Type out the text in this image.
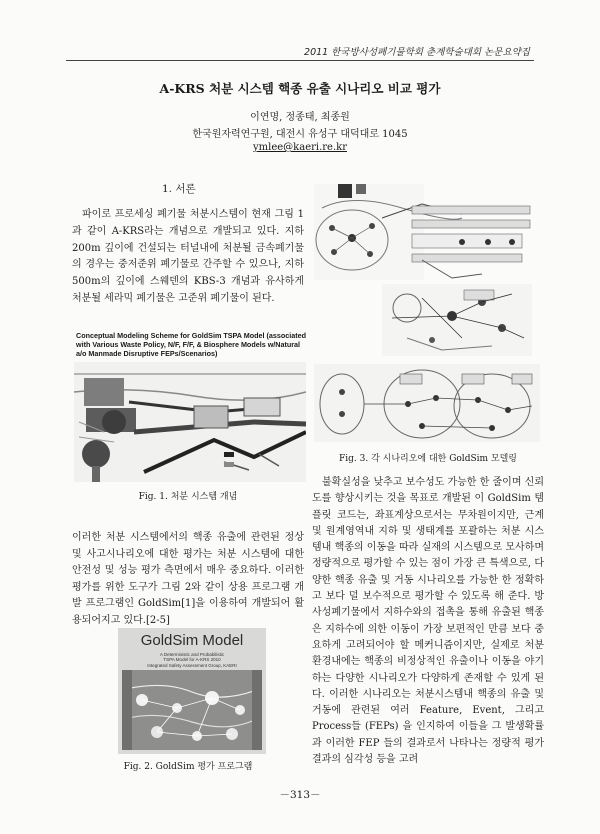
2011 한국방사성폐기물학회 춘계학술대회 논문요약집
A-KRS 처분 시스템 핵종 유출 시나리오 비교 평가
이연명, 정종태, 최종원
한국원자력연구원, 대전시 유성구 대덕대로 1045
ymlee@kaeri.re.kr
1. 서론

파이로 프로세싱 폐기물 처분시스템이 현재 그림 1과 같이 A-KRS라는 개념으로 개발되고 있다. 지하 200m 깊이에 건설되는 터널내에 처분될 금속폐기물의 경우는 중저준위 폐기물로 간주할 수 있으나, 지하 500m의 깊이에 스웨덴의 KBS-3 개념과 유사하게 처분될 세라믹 폐기물은 고준위 폐기물이 된다.

Conceptual Modeling Scheme for GoldSim TSPA Model (associated with Various Waste Policy, N/F, F/F, & Biosphere Models w/Natural a/o Manmade Disruptive FEPs/Scenarios)
Fig. 1. 처분 시스템 개념

이러한 처분 시스템에서의 핵종 유출에 관련된 정상 및 사고시나리오에 대한 평가는 처분 시스템에 대한 안전성 및 성능 평가 측면에서 매우 중요하다. 이러한 평가를 위한 도구가 그림 2와 같이 상용 프로그램 개발 프로그램인 GoldSim[1]을 이용하여 개발되어 활용되어지고 있다.[2-5]

GoldSim Model
A Deterministic and Probabilistic
TSPA Model for A-KRS 2010
Integrated Safety Assessment Group, KAERI
Fig. 2. GoldSim 평가 프로그램
Fig. 3. 각 시나리오에 대한 GoldSim 모델링

불확실성을 낮추고 보수성도 가능한 한 줄이며 신뢰도를 향상시키는 것을 목표로 개발된 이 GoldSim 템플릿 코드는, 좌표계상으로서는 무차원이지만, 근계 및 원계영역내 지하 및 생태계를 포괄하는 처분 시스템내 핵종의 이동을 따라 실재의 시스템으로 모사하며 정량적으로 평가할 수 있는 점이 가장 큰 특색으로, 다양한 핵종 유출 및 거동 시나리오를 가능한 한 정확하고 보다 덜 보수적으로 평가할 수 있도록 해 준다. 방사성폐기물에서 지하수와의 접촉을 통해 유출된 핵종은 지하수에 의한 이동이 가장 보편적인 만큼 보다 중요하게 고려되어야 할 메커니즘이지만, 실제로 처분 환경내에는 핵종의 비정상적인 유출이나 이동을 야기하는 다양한 시나리오가 다양하게 존재할 수 있게 된다. 이러한 시나리오는 처분시스템내 핵종의 유출 및 거동에 관련된 여러 Feature, Event, 그리고 Process들 (FEPs) 을 인지하여 이들을 그 발생확률과 이러한 FEP 들의 결과로서 나타나는 정량적 평가 결과의 심각성 등을 고려

－313－
